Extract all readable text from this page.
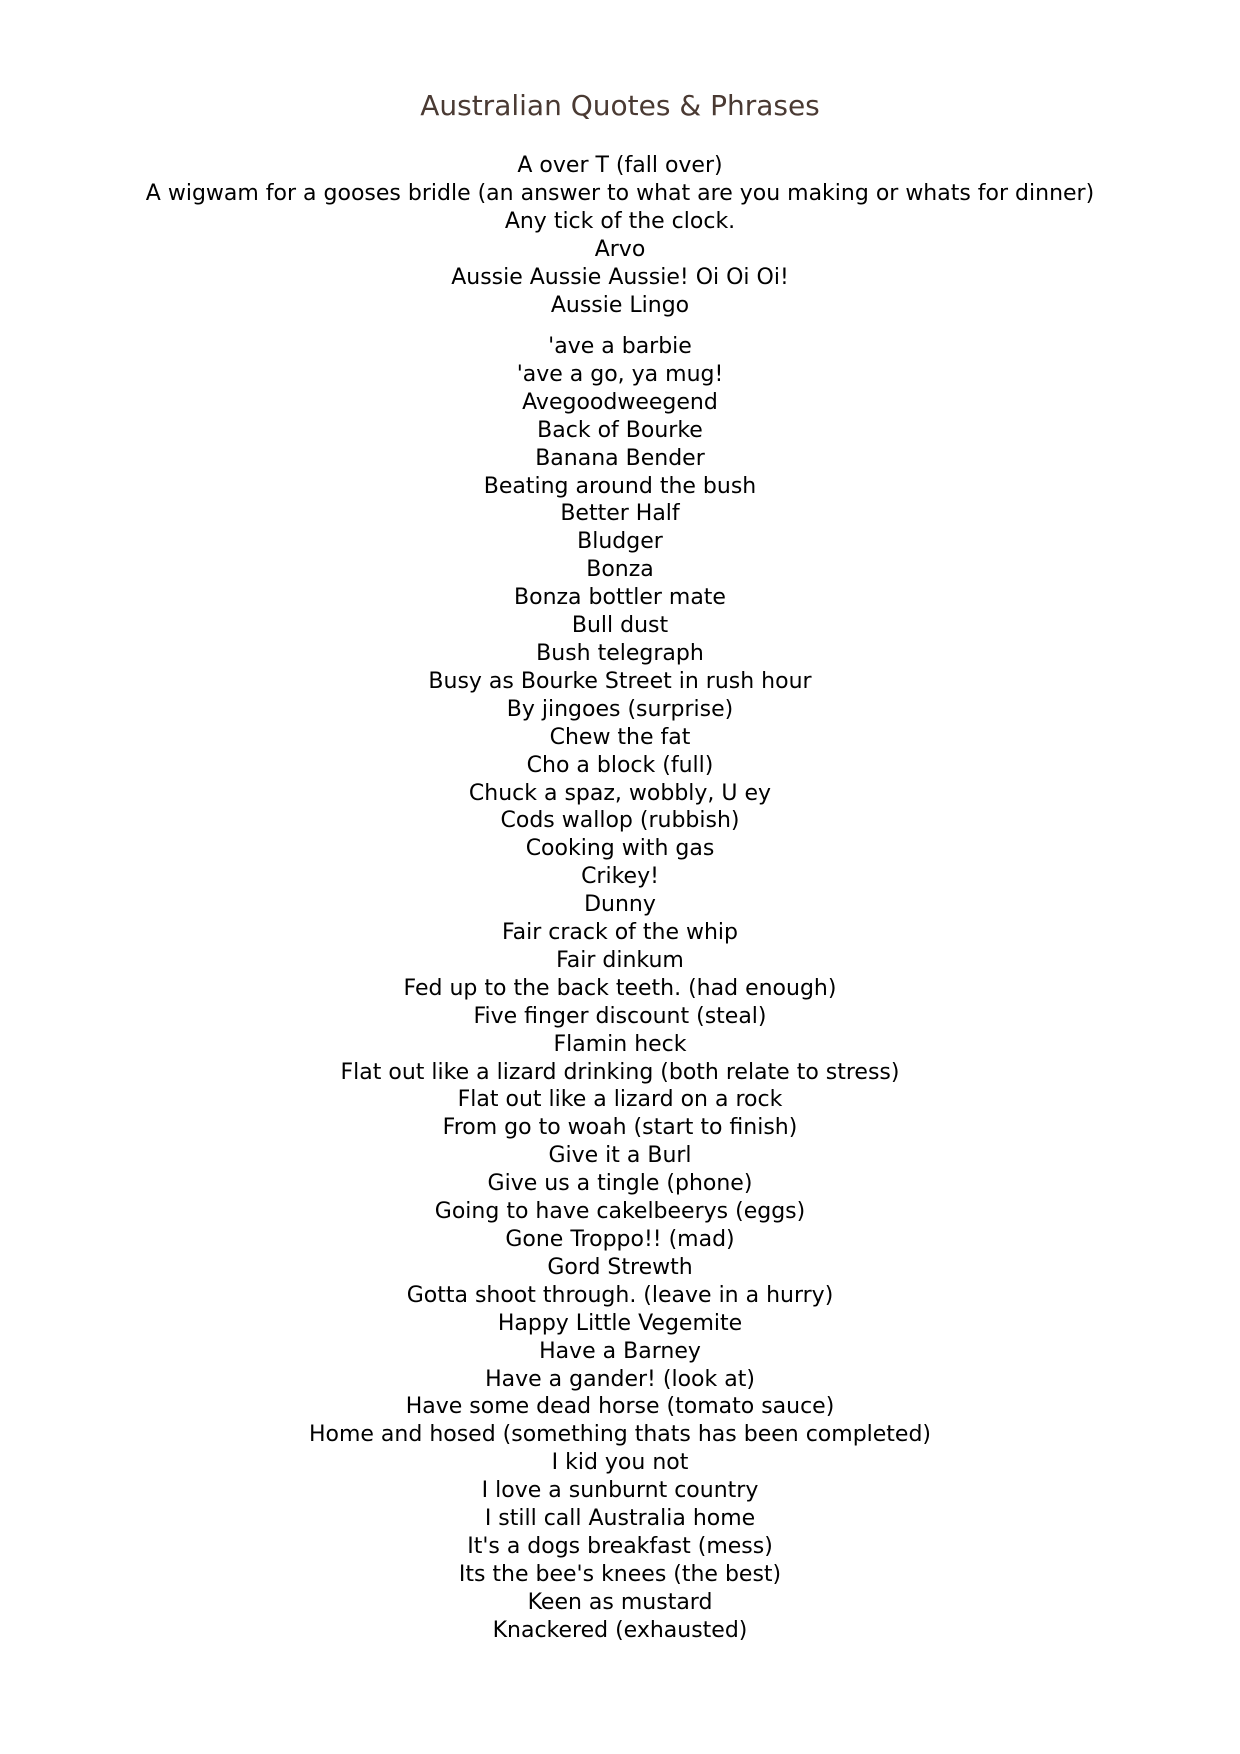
Australian Quotes & Phrases
A over T (fall over)
A wigwam for a gooses bridle (an answer to what are you making or whats for dinner)
Any tick of the clock.
Arvo
Aussie Aussie Aussie! Oi Oi Oi!
Aussie Lingo
'ave a barbie
'ave a go, ya mug!
Avegoodweegend
Back of Bourke
Banana Bender
Beating around the bush
Better Half
Bludger
Bonza
Bonza bottler mate
Bull dust
Bush telegraph
Busy as Bourke Street in rush hour
By jingoes (surprise)
Chew the fat
Cho a block (full)
Chuck a spaz, wobbly, U ey
Cods wallop (rubbish)
Cooking with gas
Crikey!
Dunny
Fair crack of the whip
Fair dinkum
Fed up to the back teeth. (had enough)
Five finger discount (steal)
Flamin heck
Flat out like a lizard drinking (both relate to stress)
Flat out like a lizard on a rock
From go to woah (start to finish)
Give it a Burl
Give us a tingle (phone)
Going to have cakelbeerys (eggs)
Gone Troppo!! (mad)
Gord Strewth
Gotta shoot through. (leave in a hurry)
Happy Little Vegemite
Have a Barney
Have a gander! (look at)
Have some dead horse (tomato sauce)
Home and hosed (something thats has been completed)
I kid you not
I love a sunburnt country
I still call Australia home
It's a dogs breakfast (mess)
Its the bee's knees (the best)
Keen as mustard
Knackered (exhausted)
